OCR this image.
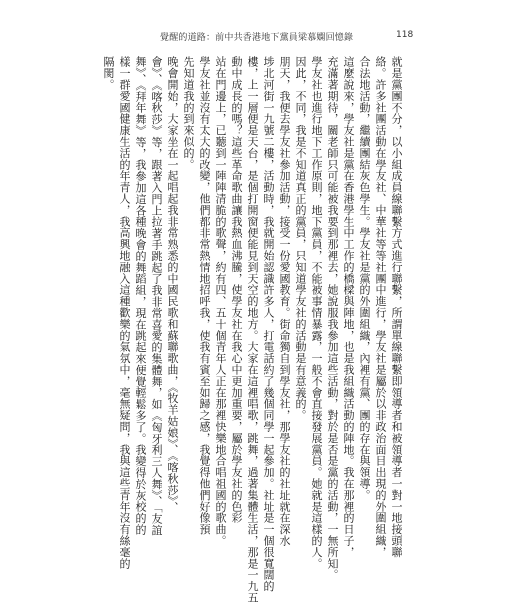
覺醒的道路：前中共香港地下黨員梁慕嫻回憶錄	118
就是黨團不分，以小組成員線聯繫方式進行聯繫，所謂單線聯繫即領導者和被領導者一對一地接頭聯
絡。許多社團活動在學友社、中華社等等社團中進行，學友社是屬於以非政治面目出現的外圍組織，
合法地活動，繼續團結灰色學生。學友社是黨的外圍組織，內裡有黨、團的存在與領導。
這麼說來，學友社是黨在香港學生中工作的橋樑與陣地，也是我組織活動的陣地。我在那裡的日子，
充滿著期待，關老師只可能被我要到那裡去，她說服我參加這些活動，對於是否是黨的活動，一無所知。
學友社也進行地下工作原則，地下黨員，不能被事情暴露，一般不會直接發展黨員。她就是這樣的人。
因此，不同，我是不知道真正的黨員，只知道學友社的活動是有意義的。
朋天，我便去學友社參加活動，接受一份愛國教育。街命獨自到學友社，那學友社的社址就在深水
埗北河街一九號二樓，活動時，我就開始認識許多人，打電話約了幾個同學一起參加。社址是一個很寬闊的
樓，上一層便是天台，是個打開窗便能見到天空的地方。大家在這裡唱歌，跳舞，過著集體生活，那是一九五
動中成長的嗎？這些革命歌曲讓我熱血沸騰，使學友社在我心中更加重要，屬於學友社的色彩
站在門邊上，已聽到一陣陣清脆的歌聲，約有四、五十個青年人正在那裡快樂地合唱祖國的歌曲。
學友社並沒有太大的改變，他們都非常熱情地招呼我，使我有賓至如歸之感，我覺得他們好像預
先知道我的到來似的。
晚會開始，大家坐在一起唱起我非常熟悉的中國民歌和蘇聯歌曲，《牧羊姑娘》、《喀秋莎》、
會》、《喀秋莎》等，跟著入門上拉著手跳起了我非常喜愛的集體舞，如《匈牙利三人舞》、「友誼
舞》、《拜年舞》等，我參加這各種晚會的舞蹈組，現在跳起來便覺輕鬆多了。我變得於灰校的的
樣一群愛國健康生活的年青人，我高興地融入這種歡樂的氣氛中，毫無疑問，我與這些青年沒有絲毫的
隔閡。
